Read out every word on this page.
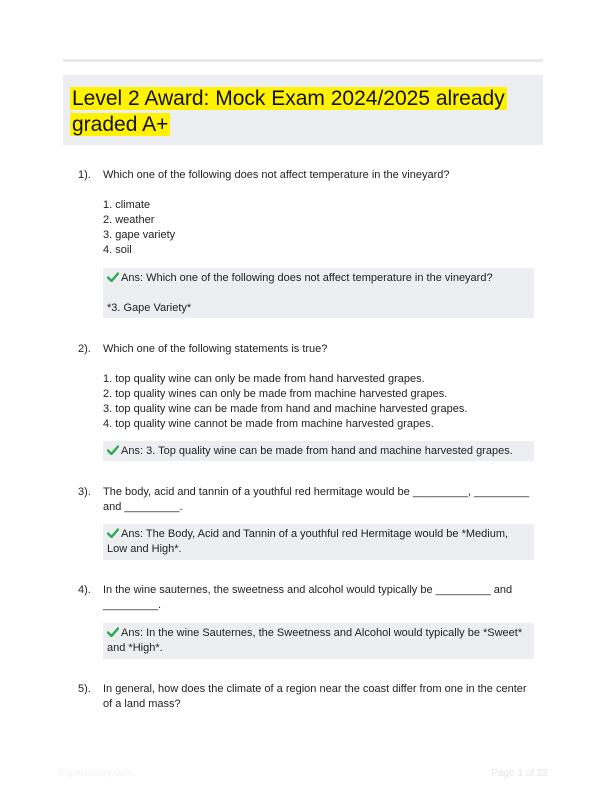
Level 2 Award: Mock Exam 2024/2025 already graded A+
1). Which one of the following does not affect temperature in the vineyard?
1. climate
2. weather
3. gape variety
4. soil

Ans: Which one of the following does not affect temperature in the vineyard?

*3. Gape Variety*

2). Which one of the following statements is true?
1. top quality wine can only be made from hand harvested grapes.
2. top quality wines can only be made from machine harvested grapes.
3. top quality wine can be made from hand and machine harvested grapes.
4. top quality wine cannot be made from machine harvested grapes.

Ans: 3. Top quality wine can be made from hand and machine harvested grapes.

3). The body, acid and tannin of a youthful red hermitage would be _________, _________ and _________.

Ans: The Body, Acid and Tannin of a youthful red Hermitage would be *Medium, Low and High*.

4). In the wine sauternes, the sweetness and alcohol would typically be _________ and _________.

Ans: In the wine Sauternes, the Sweetness and Alcohol would typically be *Sweet* and *High*.

5). In general, how does the climate of a region near the coast differ from one in the center of a land mass?
Paperlibrary.com	Page 1 of 22
